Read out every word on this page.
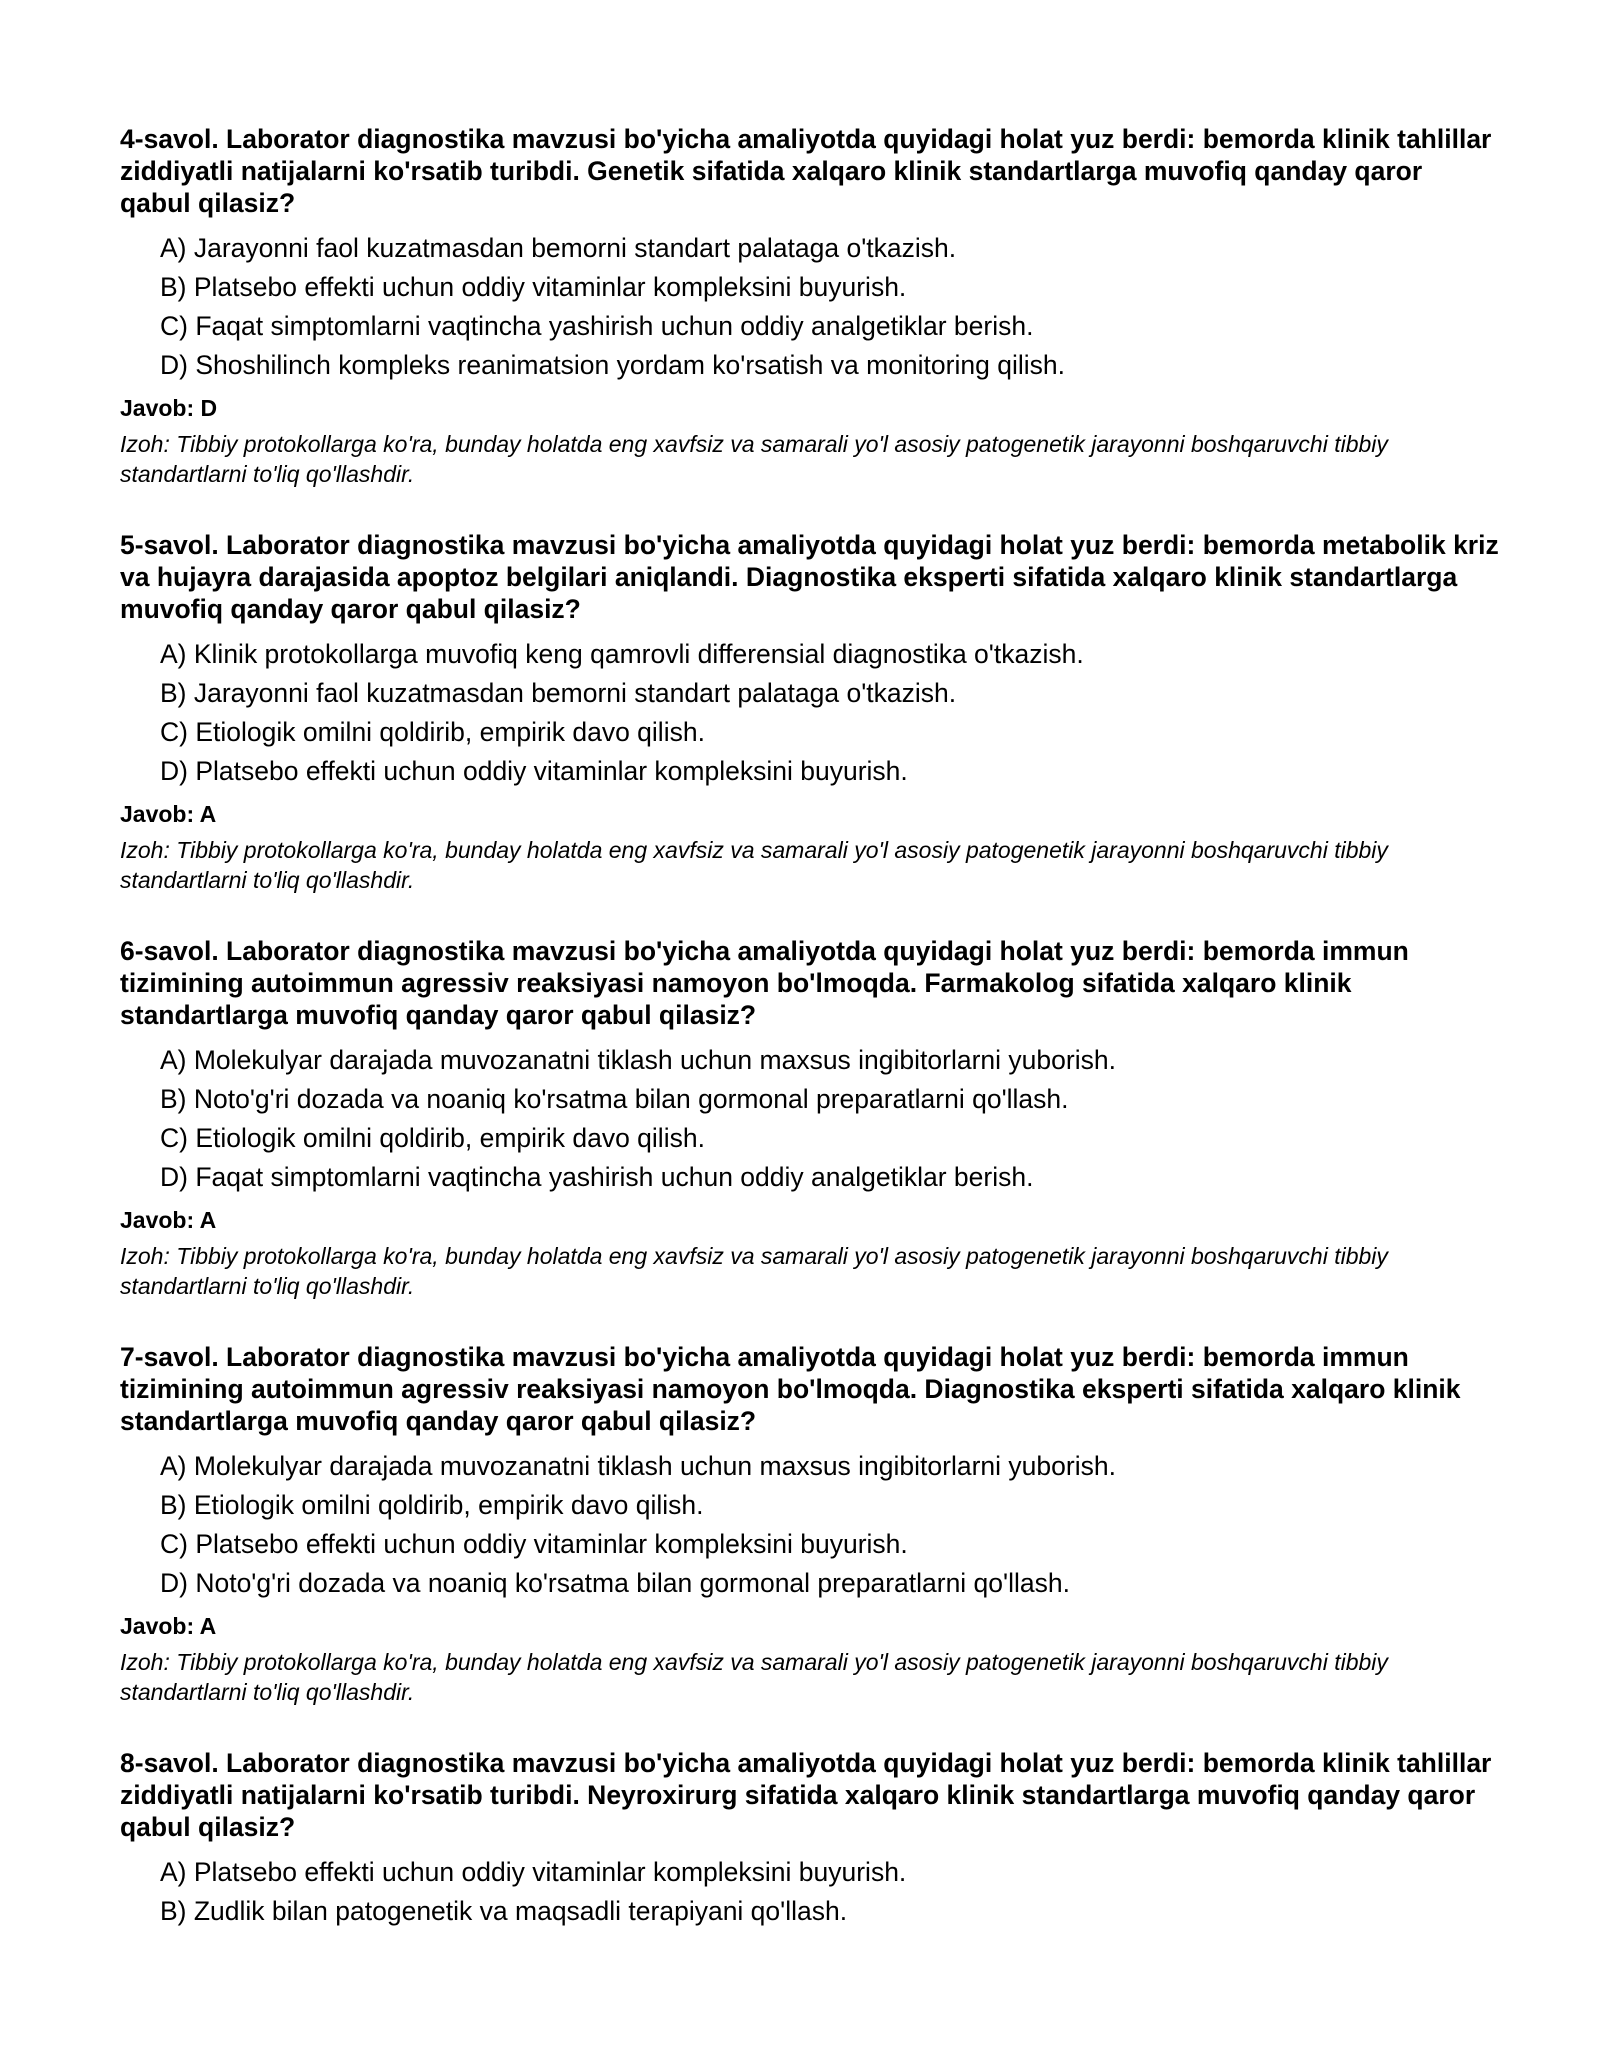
4-savol. Laborator diagnostika mavzusi bo'yicha amaliyotda quyidagi holat yuz berdi: bemorda klinik tahlillar ziddiyatli natijalarni ko'rsatib turibdi. Genetik sifatida xalqaro klinik standartlarga muvofiq qanday qaror qabul qilasiz?

A) Jarayonni faol kuzatmasdan bemorni standart palataga o'tkazish.
B) Platsebo effekti uchun oddiy vitaminlar kompleksini buyurish.
C) Faqat simptomlarni vaqtincha yashirish uchun oddiy analgetiklar berish.
D) Shoshilinch kompleks reanimatsion yordam ko'rsatish va monitoring qilish.

Javob: D

Izoh: Tibbiy protokollarga ko'ra, bunday holatda eng xavfsiz va samarali yo'l asosiy patogenetik jarayonni boshqaruvchi tibbiy standartlarni to'liq qo'llashdir.

5-savol. Laborator diagnostika mavzusi bo'yicha amaliyotda quyidagi holat yuz berdi: bemorda metabolik kriz va hujayra darajasida apoptoz belgilari aniqlandi. Diagnostika eksperti sifatida xalqaro klinik standartlarga muvofiq qanday qaror qabul qilasiz?

A) Klinik protokollarga muvofiq keng qamrovli differensial diagnostika o'tkazish.
B) Jarayonni faol kuzatmasdan bemorni standart palataga o'tkazish.
C) Etiologik omilni qoldirib, empirik davo qilish.
D) Platsebo effekti uchun oddiy vitaminlar kompleksini buyurish.

Javob: A

Izoh: Tibbiy protokollarga ko'ra, bunday holatda eng xavfsiz va samarali yo'l asosiy patogenetik jarayonni boshqaruvchi tibbiy standartlarni to'liq qo'llashdir.

6-savol. Laborator diagnostika mavzusi bo'yicha amaliyotda quyidagi holat yuz berdi: bemorda immun tizimining autoimmun agressiv reaksiyasi namoyon bo'lmoqda. Farmakolog sifatida xalqaro klinik standartlarga muvofiq qanday qaror qabul qilasiz?

A) Molekulyar darajada muvozanatni tiklash uchun maxsus ingibitorlarni yuborish.
B) Noto'g'ri dozada va noaniq ko'rsatma bilan gormonal preparatlarni qo'llash.
C) Etiologik omilni qoldirib, empirik davo qilish.
D) Faqat simptomlarni vaqtincha yashirish uchun oddiy analgetiklar berish.

Javob: A

Izoh: Tibbiy protokollarga ko'ra, bunday holatda eng xavfsiz va samarali yo'l asosiy patogenetik jarayonni boshqaruvchi tibbiy standartlarni to'liq qo'llashdir.

7-savol. Laborator diagnostika mavzusi bo'yicha amaliyotda quyidagi holat yuz berdi: bemorda immun tizimining autoimmun agressiv reaksiyasi namoyon bo'lmoqda. Diagnostika eksperti sifatida xalqaro klinik standartlarga muvofiq qanday qaror qabul qilasiz?

A) Molekulyar darajada muvozanatni tiklash uchun maxsus ingibitorlarni yuborish.
B) Etiologik omilni qoldirib, empirik davo qilish.
C) Platsebo effekti uchun oddiy vitaminlar kompleksini buyurish.
D) Noto'g'ri dozada va noaniq ko'rsatma bilan gormonal preparatlarni qo'llash.

Javob: A

Izoh: Tibbiy protokollarga ko'ra, bunday holatda eng xavfsiz va samarali yo'l asosiy patogenetik jarayonni boshqaruvchi tibbiy standartlarni to'liq qo'llashdir.

8-savol. Laborator diagnostika mavzusi bo'yicha amaliyotda quyidagi holat yuz berdi: bemorda klinik tahlillar ziddiyatli natijalarni ko'rsatib turibdi. Neyroxirurg sifatida xalqaro klinik standartlarga muvofiq qanday qaror qabul qilasiz?

A) Platsebo effekti uchun oddiy vitaminlar kompleksini buyurish.
B) Zudlik bilan patogenetik va maqsadli terapiyani qo'llash.
